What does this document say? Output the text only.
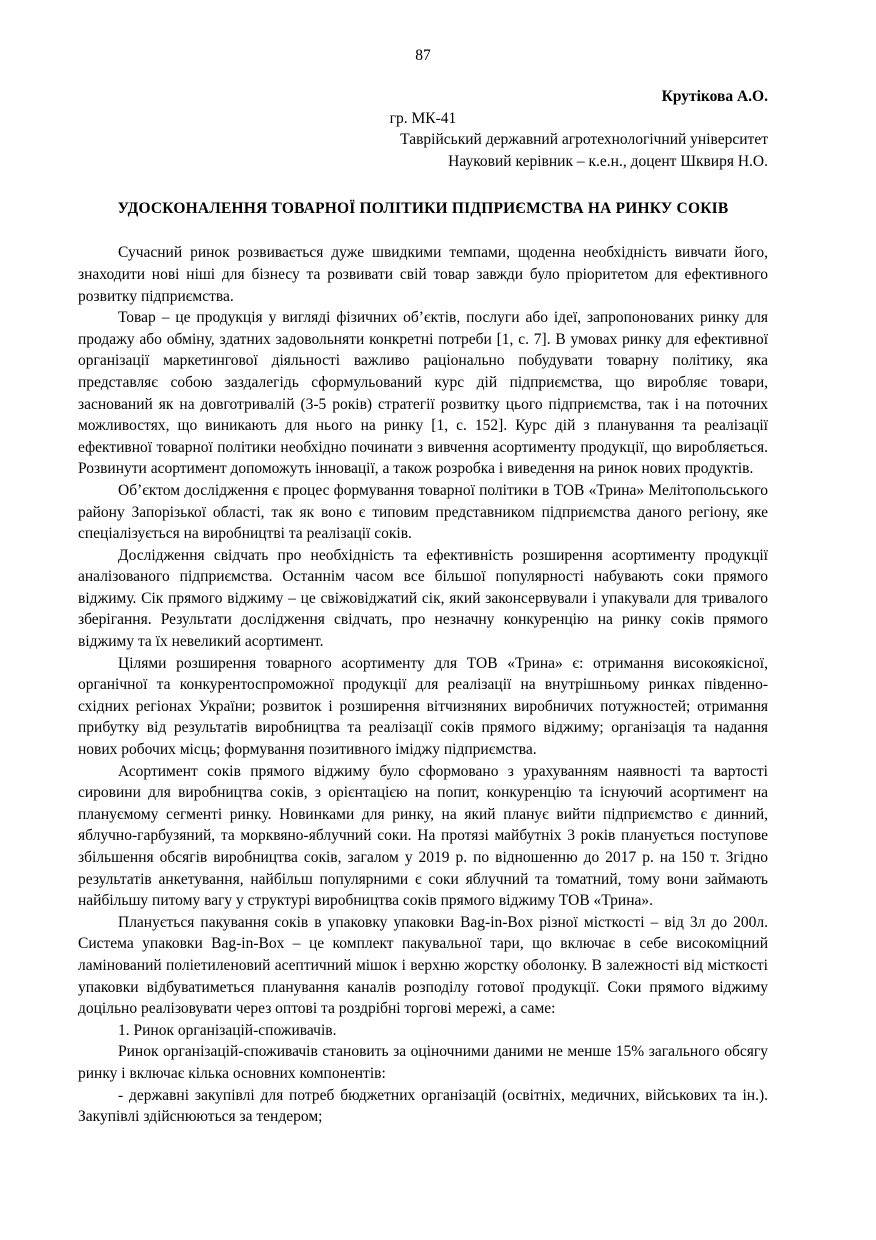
87
Крутікова А.О.
гр. МК-41
Таврійський державний агротехнологічний університет
Науковий керівник – к.е.н., доцент Шквиря Н.О.
УДОСКОНАЛЕННЯ ТОВАРНОЇ ПОЛІТИКИ ПІДПРИЄМСТВА НА РИНКУ СОКІВ

Сучасний ринок розвивається дуже швидкими темпами, щоденна необхідність вивчати його, знаходити нові ніші для бізнесу та розвивати свій товар завжди було пріоритетом для ефективного розвитку підприємства.

Товар – це продукція у вигляді фізичних об’єктів, послуги або ідеї, запропонованих ринку для продажу або обміну, здатних задовольняти конкретні потреби [1, с. 7]. В умовах ринку для ефективної організації маркетингової діяльності важливо раціонально побудувати товарну політику, яка представляє собою заздалегідь сформульований курс дій підприємства, що виробляє товари, заснований як на довготривалій (3-5 років) стратегії розвитку цього підприємства, так і на поточних можливостях, що виникають для нього на ринку [1, с. 152]. Курс дій з планування та реалізації ефективної товарної політики необхідно починати з вивчення асортименту продукції, що виробляється. Розвинути асортимент допоможуть інновації, а також розробка і виведення на ринок нових продуктів.

Об’єктом дослідження є процес формування товарної політики в ТОВ «Трина» Мелітопольського району Запорізької області, так як воно є типовим представником підприємства даного регіону, яке спеціалізується на виробництві та реалізації соків.

Дослідження свідчать про необхідність та ефективність розширення асортименту продукції аналізованого підприємства. Останнім часом все більшої популярності набувають соки прямого віджиму. Сік прямого віджиму – це свіжовіджатий сік, який законсервували і упакували для тривалого зберігання. Результати дослідження свідчать, про незначну конкуренцію на ринку соків прямого віджиму та їх невеликий асортимент.

Цілями розширення товарного асортименту для ТОВ «Трина» є: отримання високоякісної, органічної та конкурентоспроможної продукції для реалізації на внутрішньому ринках південно-східних регіонах України; розвиток і розширення вітчизняних виробничих потужностей; отримання прибутку від результатів виробництва та реалізації соків прямого віджиму; організація та надання нових робочих місць; формування позитивного іміджу підприємства.

Асортимент соків прямого віджиму було сформовано з урахуванням наявності та вартості сировини для виробництва соків, з орієнтацією на попит, конкуренцію та існуючий асортимент на плануємому сегменті ринку. Новинками для ринку, на який планує вийти підприємство є динний, яблучно-гарбузяний, та морквяно-яблучний соки. На протязі майбутніх 3 років планується поступове збільшення обсягів виробництва соків, загалом у 2019 р. по відношенню до 2017 р. на 150 т. Згідно результатів анкетування, найбільш популярними є соки яблучний та томатний, тому вони займають найбільшу питому вагу у структурі виробництва соків прямого віджиму ТОВ «Трина».

Планується пакування соків в упаковку упаковки Bag-in-Box різної місткості – від 3л до 200л. Система упаковки Bag-in-Box – це комплект пакувальної тари, що включає в себе високоміцний ламінований поліетиленовий асептичний мішок і верхню жорстку оболонку. В залежності від місткості упаковки відбуватиметься планування каналів розподілу готової продукції. Соки прямого віджиму доцільно реалізовувати через оптові та роздрібні торгові мережі, а саме:

1. Ринок організацій-споживачів.

Ринок організацій-споживачів становить за оціночними даними не менше 15% загального обсягу ринку і включає кілька основних компонентів:

- державні закупівлі для потреб бюджетних організацій (освітніх, медичних, військових та ін.). Закупівлі здійснюються за тендером;
